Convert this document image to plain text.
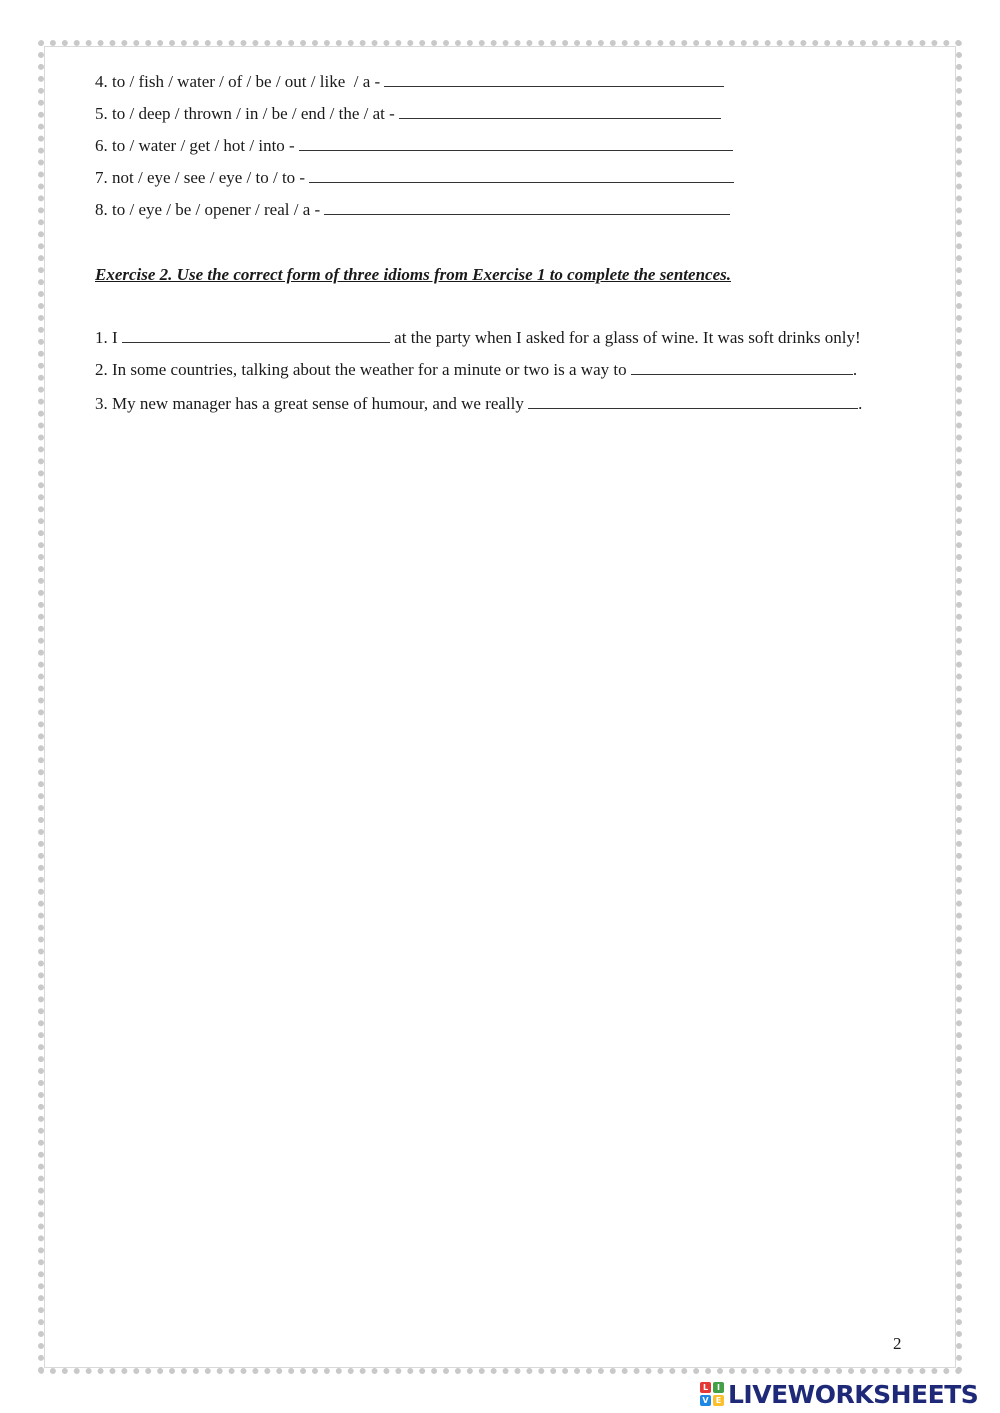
4. to / fish / water / of / be / out / like  / a -
5. to / deep / thrown / in / be / end / the / at -
6. to / water / get / hot / into -
7. not / eye / see / eye / to / to -
8. to / eye / be / opener / real / a -
Exercise 2. Use the correct form of three idioms from Exercise 1 to complete the sentences.
1. I	at the party when I asked for a glass of wine. It was soft drinks only!
2. In some countries, talking about the weather for a minute or two is a way to	.
3. My new manager has a great sense of humour, and we really	.
2
L	I
V E LIVEWORKSHEETS
